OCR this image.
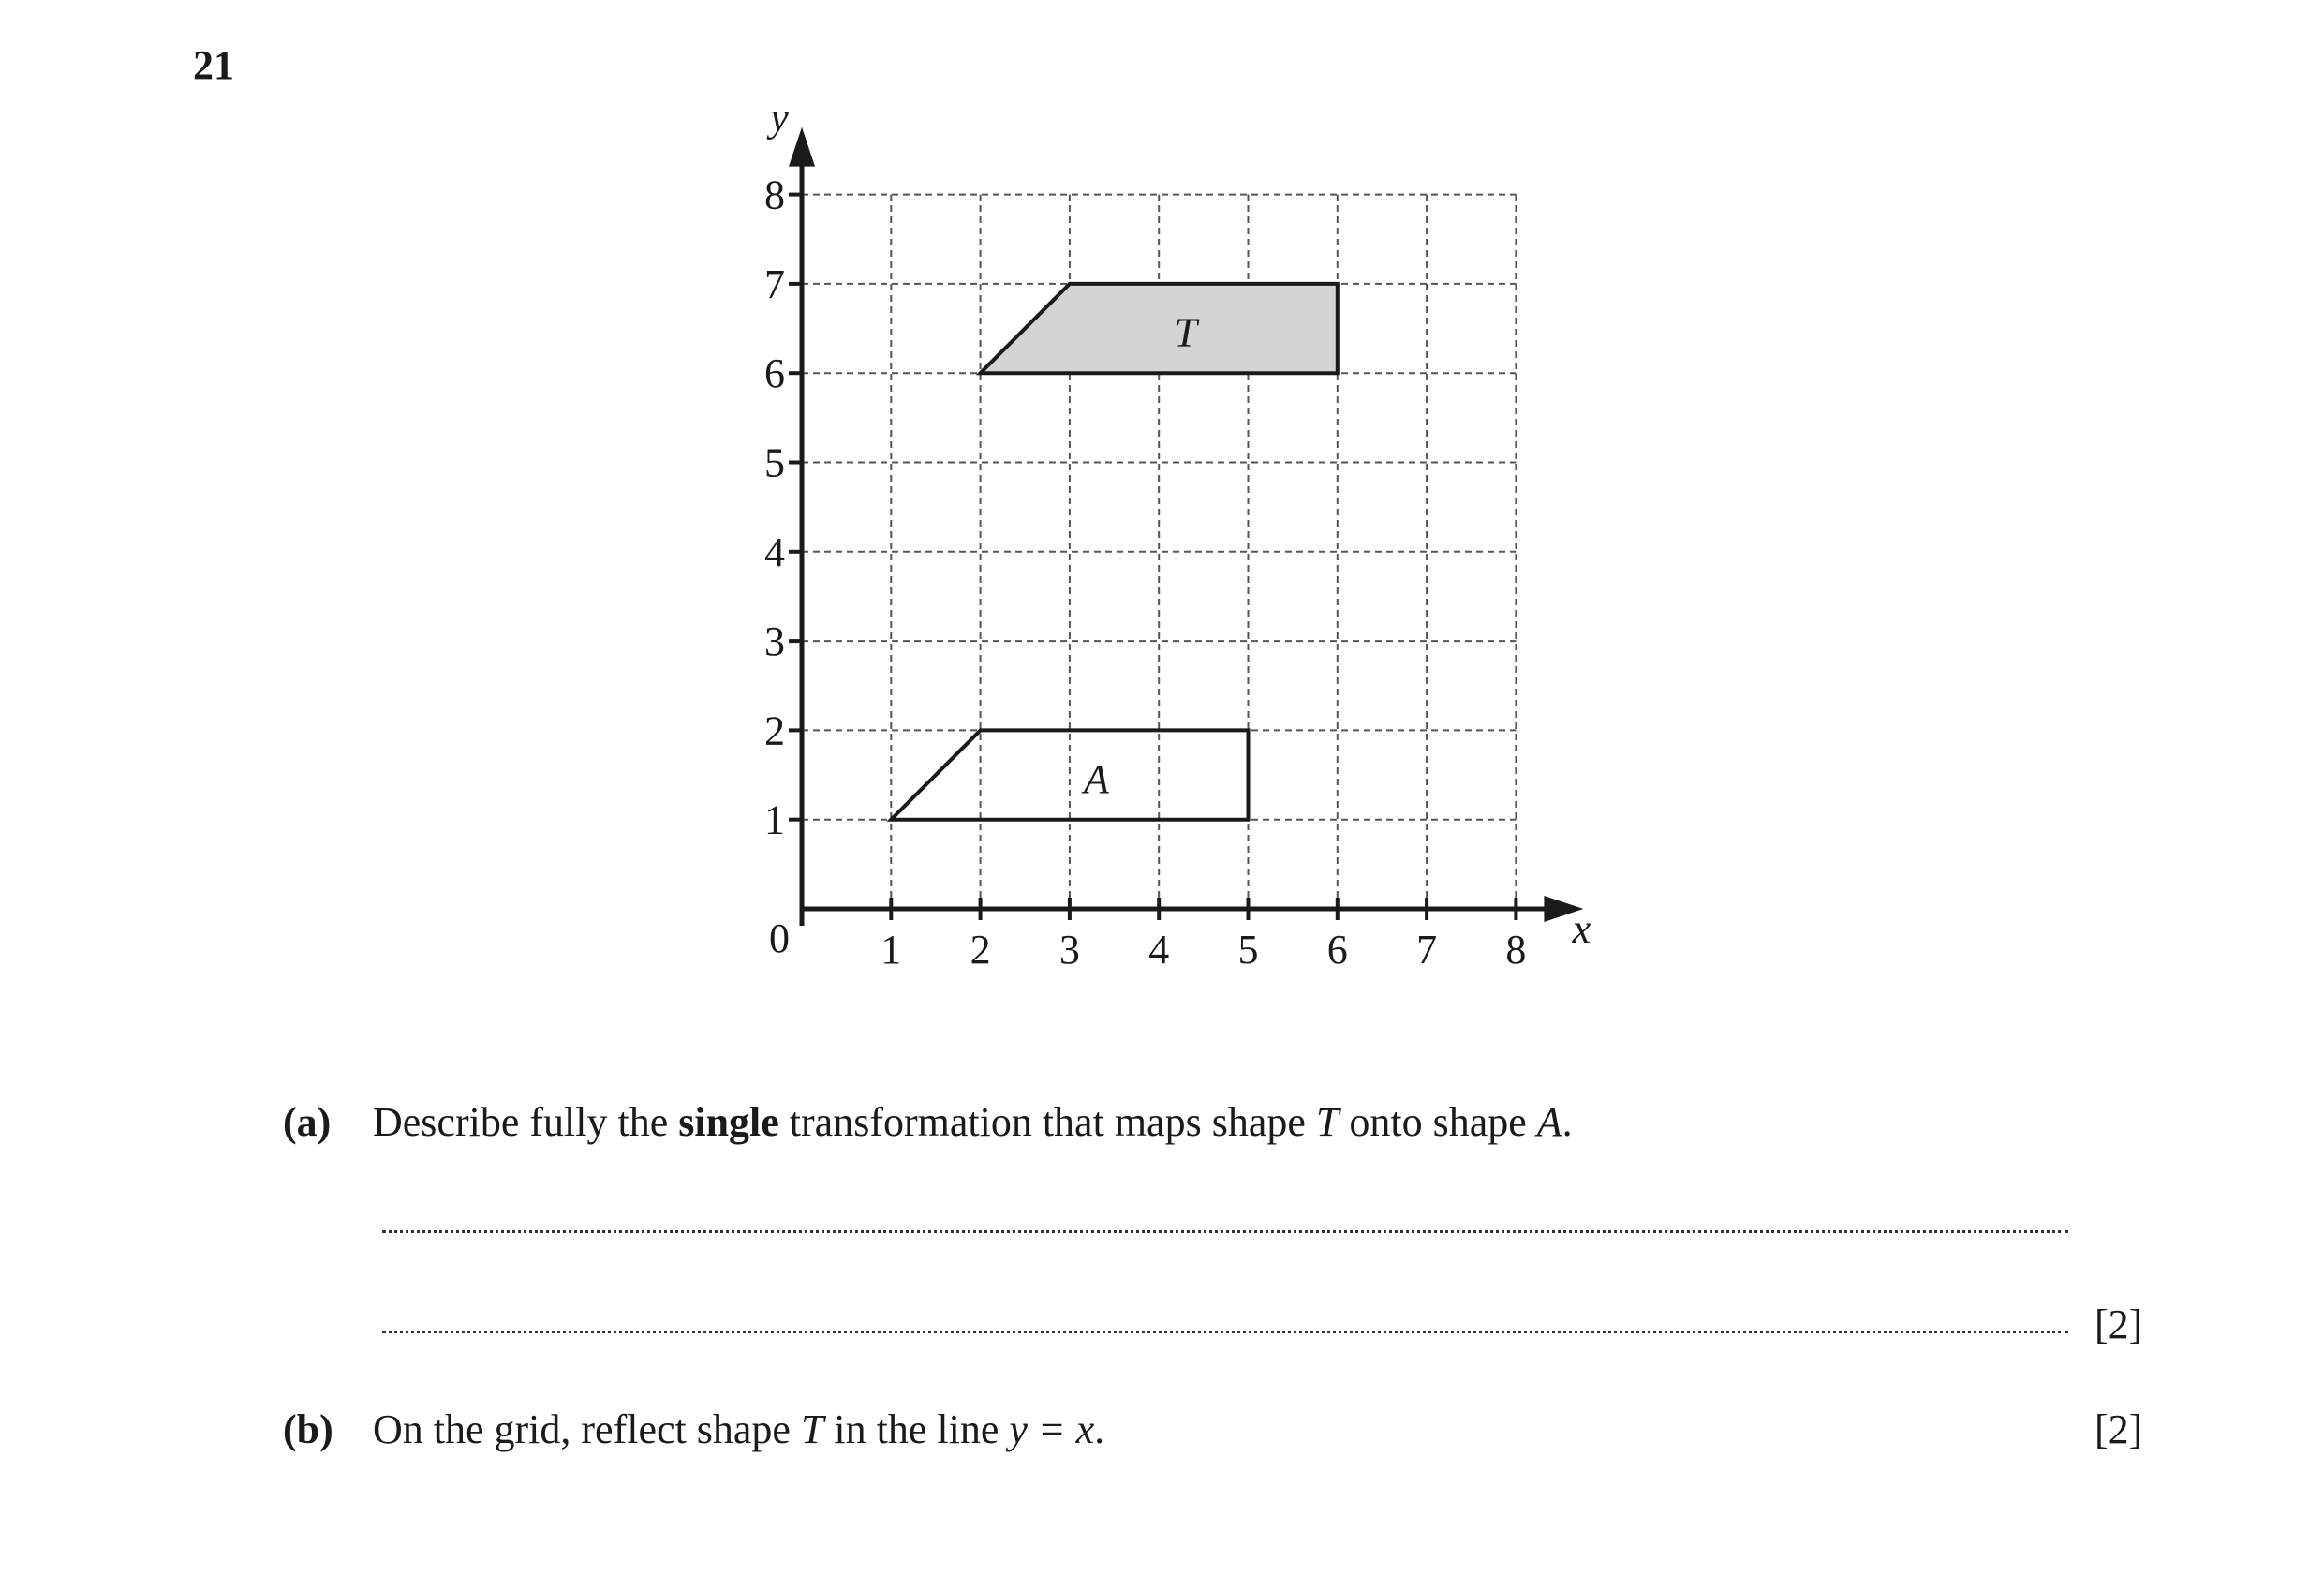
21
T
A
1 2 3 4 5 6 7 8
1
2
3
4
5
6
7
8
0	x
y
(a) Describe fully the single transformation that maps shape T onto shape A.
[2]
(b) On the grid, reflect shape T in the line y = x.	[2]
